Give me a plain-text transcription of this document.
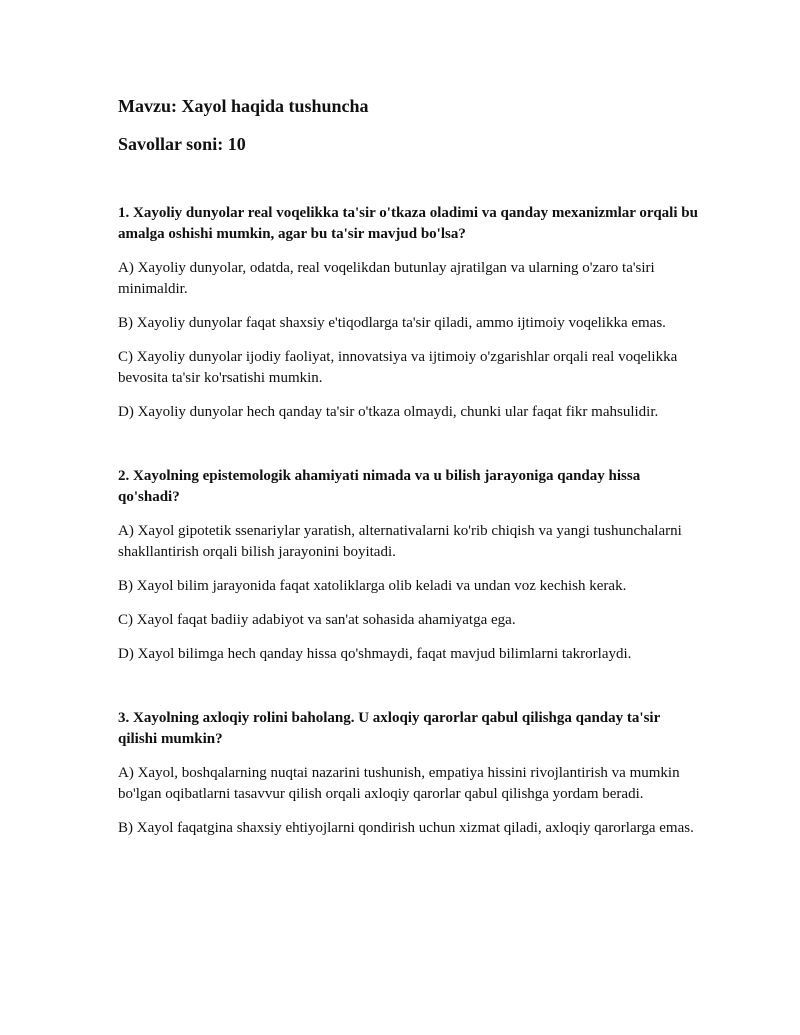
Mavzu: Xayol haqida tushuncha

Savollar soni: 10

1. Xayoliy dunyolar real voqelikka ta'sir o'tkaza oladimi va qanday mexanizmlar orqali bu amalga oshishi mumkin, agar bu ta'sir mavjud bo'lsa?

A) Xayoliy dunyolar, odatda, real voqelikdan butunlay ajratilgan va ularning o'zaro ta'siri minimaldir.

B) Xayoliy dunyolar faqat shaxsiy e'tiqodlarga ta'sir qiladi, ammo ijtimoiy voqelikka emas.

C) Xayoliy dunyolar ijodiy faoliyat, innovatsiya va ijtimoiy o'zgarishlar orqali real voqelikka bevosita ta'sir ko'rsatishi mumkin.

D) Xayoliy dunyolar hech qanday ta'sir o'tkaza olmaydi, chunki ular faqat fikr mahsulidir.

2. Xayolning epistemologik ahamiyati nimada va u bilish jarayoniga qanday hissa qo'shadi?

A) Xayol gipotetik ssenariylar yaratish, alternativalarni ko'rib chiqish va yangi tushunchalarni shakllantirish orqali bilish jarayonini boyitadi.

B) Xayol bilim jarayonida faqat xatoliklarga olib keladi va undan voz kechish kerak.

C) Xayol faqat badiiy adabiyot va san'at sohasida ahamiyatga ega.

D) Xayol bilimga hech qanday hissa qo'shmaydi, faqat mavjud bilimlarni takrorlaydi.

3. Xayolning axloqiy rolini baholang. U axloqiy qarorlar qabul qilishga qanday ta'sir qilishi mumkin?

A) Xayol, boshqalarning nuqtai nazarini tushunish, empatiya hissini rivojlantirish va mumkin bo'lgan oqibatlarni tasavvur qilish orqali axloqiy qarorlar qabul qilishga yordam beradi.

B) Xayol faqatgina shaxsiy ehtiyojlarni qondirish uchun xizmat qiladi, axloqiy qarorlarga emas.
